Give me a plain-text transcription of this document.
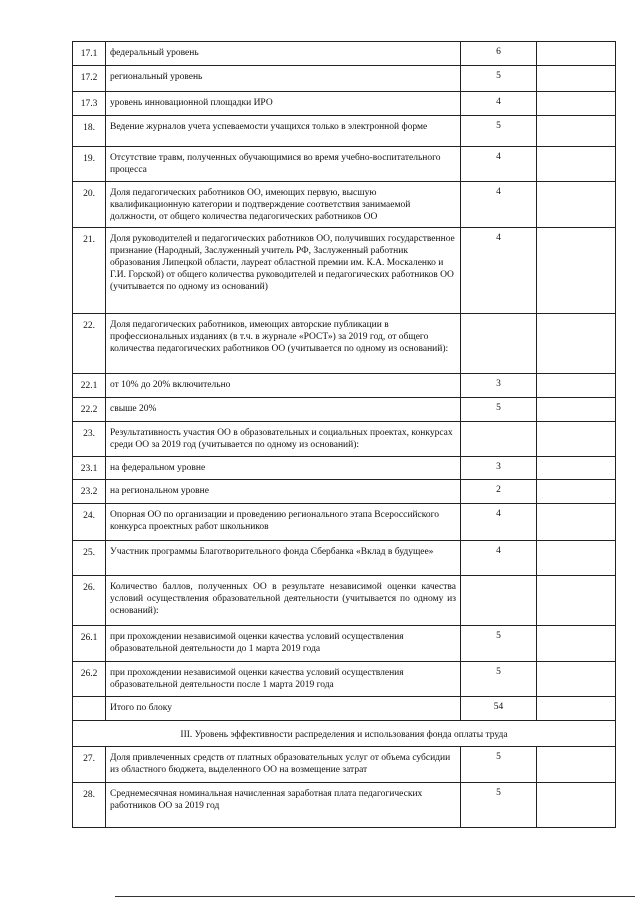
17.1	федеральный уровень	6	
17.2	региональный уровень	5	
17.3	уровень инновационной площадки ИРО	4	
18.	Ведение журналов учета успеваемости учащихся только в электронной форме	5	
19.	Отсутствие травм, полученных обучающимися во время учебно-воспитательного процесса	4	
20.	Доля педагогических работников ОО, имеющих первую, высшую квалификационную категории и подтверждение соответствия занимаемой должности, от общего количества педагогических работников ОО	4	
21.	Доля руководителей и педагогических работников ОО, получивших государственное признание (Народный, Заслуженный учитель РФ, Заслуженный работник образования Липецкой области, лауреат областной премии им. К.А. Москаленко и Г.И. Горской) от общего количества руководителей и педагогических работников ОО (учитывается по одному из оснований)	4	
22.	Доля педагогических работников, имеющих авторские публикации в профессиональных изданиях (в т.ч. в журнале «РОСТ») за 2019 год, от общего количества педагогических работников ОО (учитывается по одному из оснований):		
22.1	от 10% до 20% включительно	3	
22.2	свыше 20%	5	
23.	Результативность участия ОО в образовательных и социальных проектах, конкурсах среди ОО за 2019 год (учитывается по одному из оснований):		
23.1	на федеральном уровне	3	
23.2	на региональном уровне	2	
24.	Опорная ОО по организации и проведению регионального этапа Всероссийского конкурса проектных работ школьников	4	
25.	Участник программы Благотворительного фонда Сбербанка «Вклад в будущее»	4	
26.	Количество баллов, полученных ОО в результате независимой оценки качества условий осуществления образовательной деятельности (учитывается по одному из оснований):		
26.1	при прохождении независимой оценки качества условий осуществления образовательной деятельности до 1 марта 2019 года	5	
26.2	при прохождении независимой оценки качества условий осуществления образовательной деятельности после 1 марта 2019 года	5	
	Итого по блоку	54	
III. Уровень эффективности распределения и использования фонда оплаты труда			
27.	Доля привлеченных средств от платных образовательных услуг от объема субсидии из областного бюджета, выделенного ОО на возмещение затрат	5	
28.	Среднемесячная номинальная начисленная заработная плата педагогических работников ОО за 2019 год	5	
